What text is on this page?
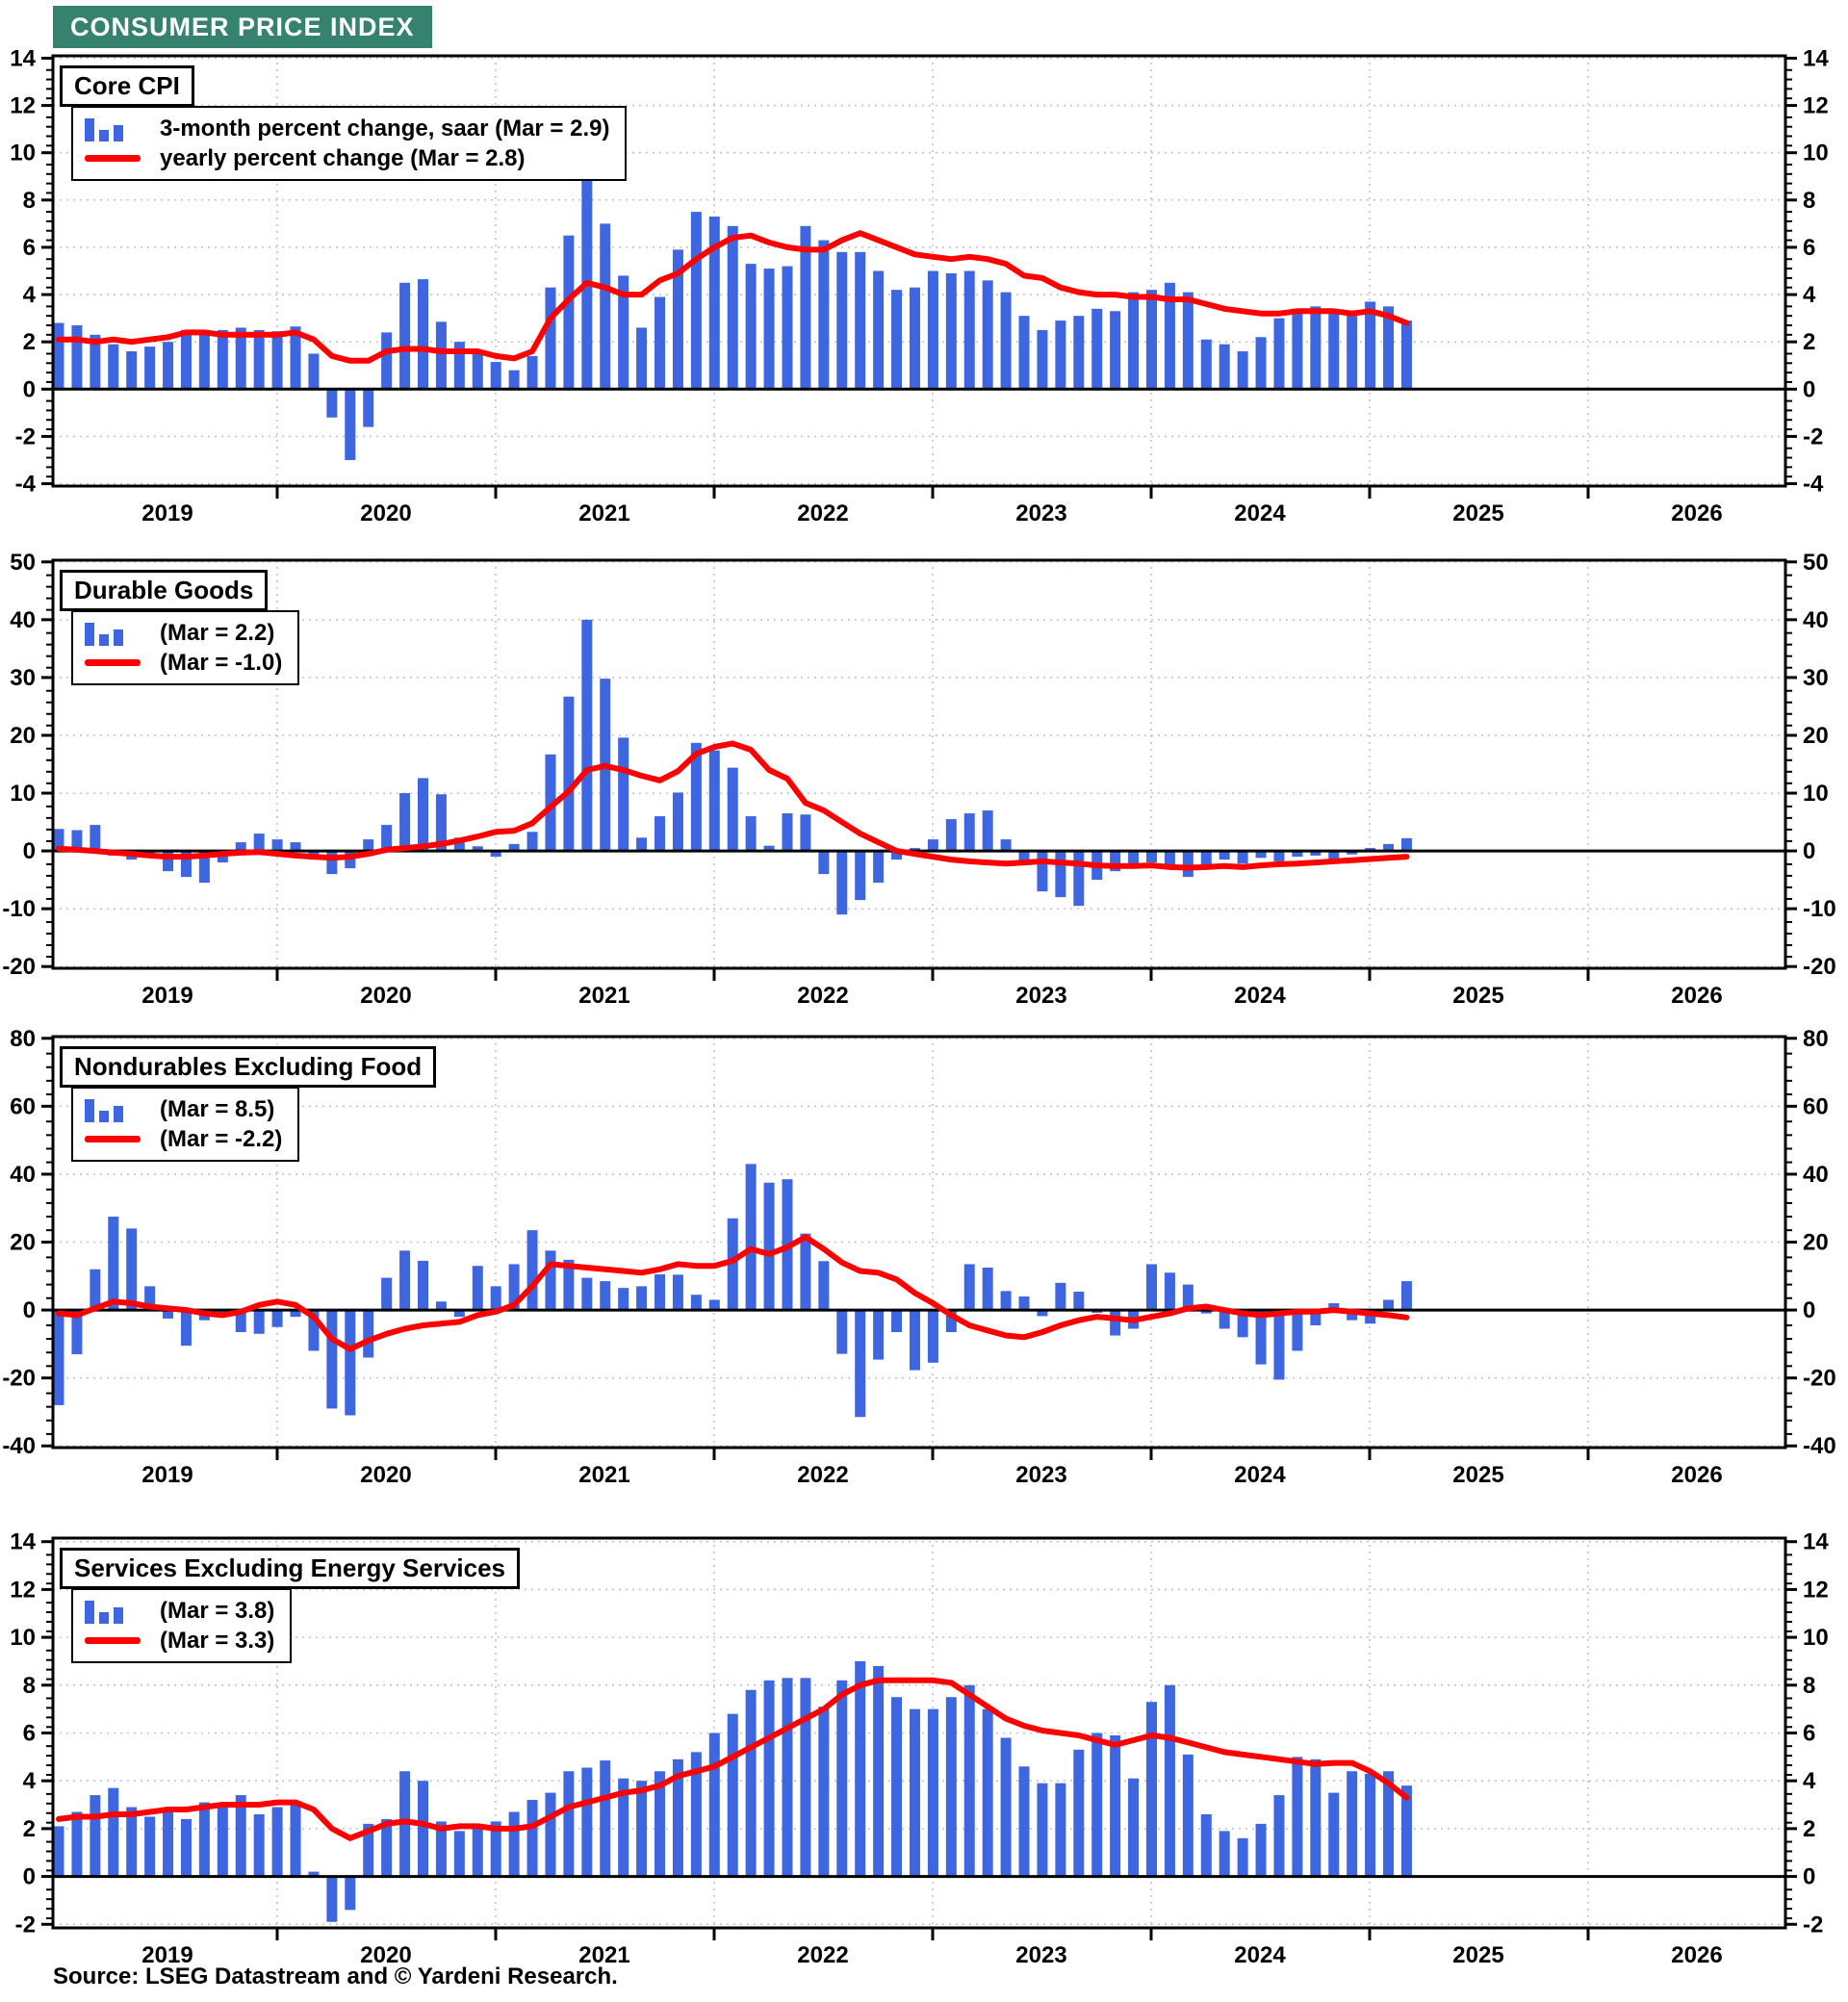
-4	-4
-2	-2
0	0
2	2
4	4
6	6
8	8
10	10
12	12
14	14
2019	2020	2021	2022	2023	2024	2025	2026
-20	-20
-10	-10
0	0
10	10
20	20
30	30
40	40
50	50
2019	2020	2021	2022	2023	2024	2025	2026
-40	-40
-20	-20
0	0
20	20
40	40
60	60
80	80
2019	2020	2021	2022	2023	2024	2025	2026
-2	-2
0	0
2	2
4	4
6	6
8	8
10	10
12	12
14	14
2019	2020	2021	2022	2023	2024	2025	2026
CONSUMER PRICE INDEX
Core CPI
3-month percent change, saar (Mar = 2.9)
yearly percent change (Mar = 2.8)
Durable Goods
(Mar = 2.2)
(Mar = -1.0)
Nondurables Excluding Food
(Mar = 8.5)
(Mar = -2.2)
Services Excluding Energy Services
(Mar = 3.8)
(Mar = 3.3)
Source: LSEG Datastream and © Yardeni Research.
